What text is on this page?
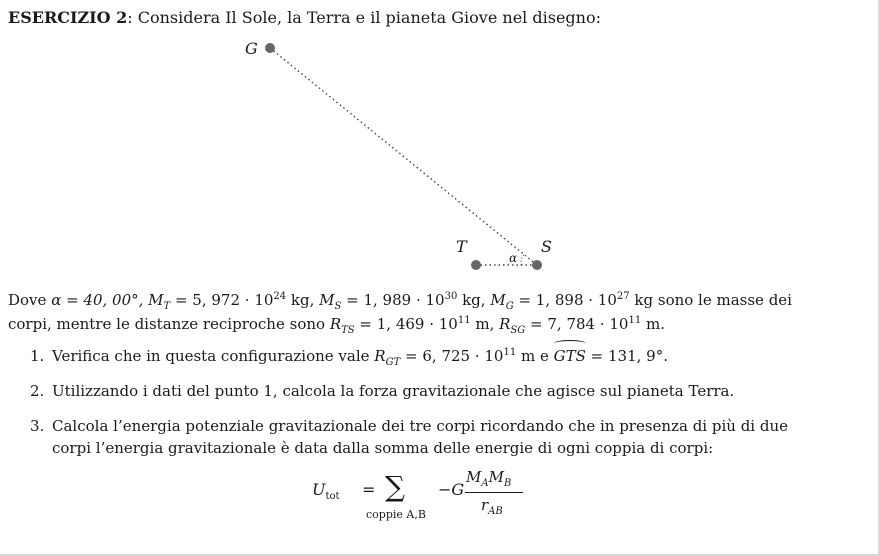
ESERCIZIO 2: Considera Il Sole, la Terra e il pianeta Giove nel disegno:
G
T	S
α
Dove α = 40, 00°, $M_T = 5$, $972 \cdot 10^{24}$ kg, $M_S = 1$, $989 \cdot 10^{30}$ kg, $M_G = 1$, $898 \cdot 10^{27}$ kg sono le masse dei
corpi, mentre le distanze reciproche sono $R_{TS} = 1$, $469 \cdot 10^{11}$ m, $R_{SG} = 7$, $784 \cdot 10^{11}$ m.
1. Verifica che in questa configurazione vale $R_{GT} = 6$, $725 \cdot 10^{11}$ m e GTS = 131, 9°.
2. Utilizzando i dati del punto 1, calcola la forza gravitazionale che agisce sul pianeta Terra.
3. Calcola l’energia potenziale gravitazionale dei tre corpi ricordando che in presenza di più di due
corpi l’energia gravitazionale è data dalla somma delle energie di ogni coppia di corpi:
$U_{tot}$ = ∑
coppie A,B
−G
$M_AM_B$
$r_{AB}$
